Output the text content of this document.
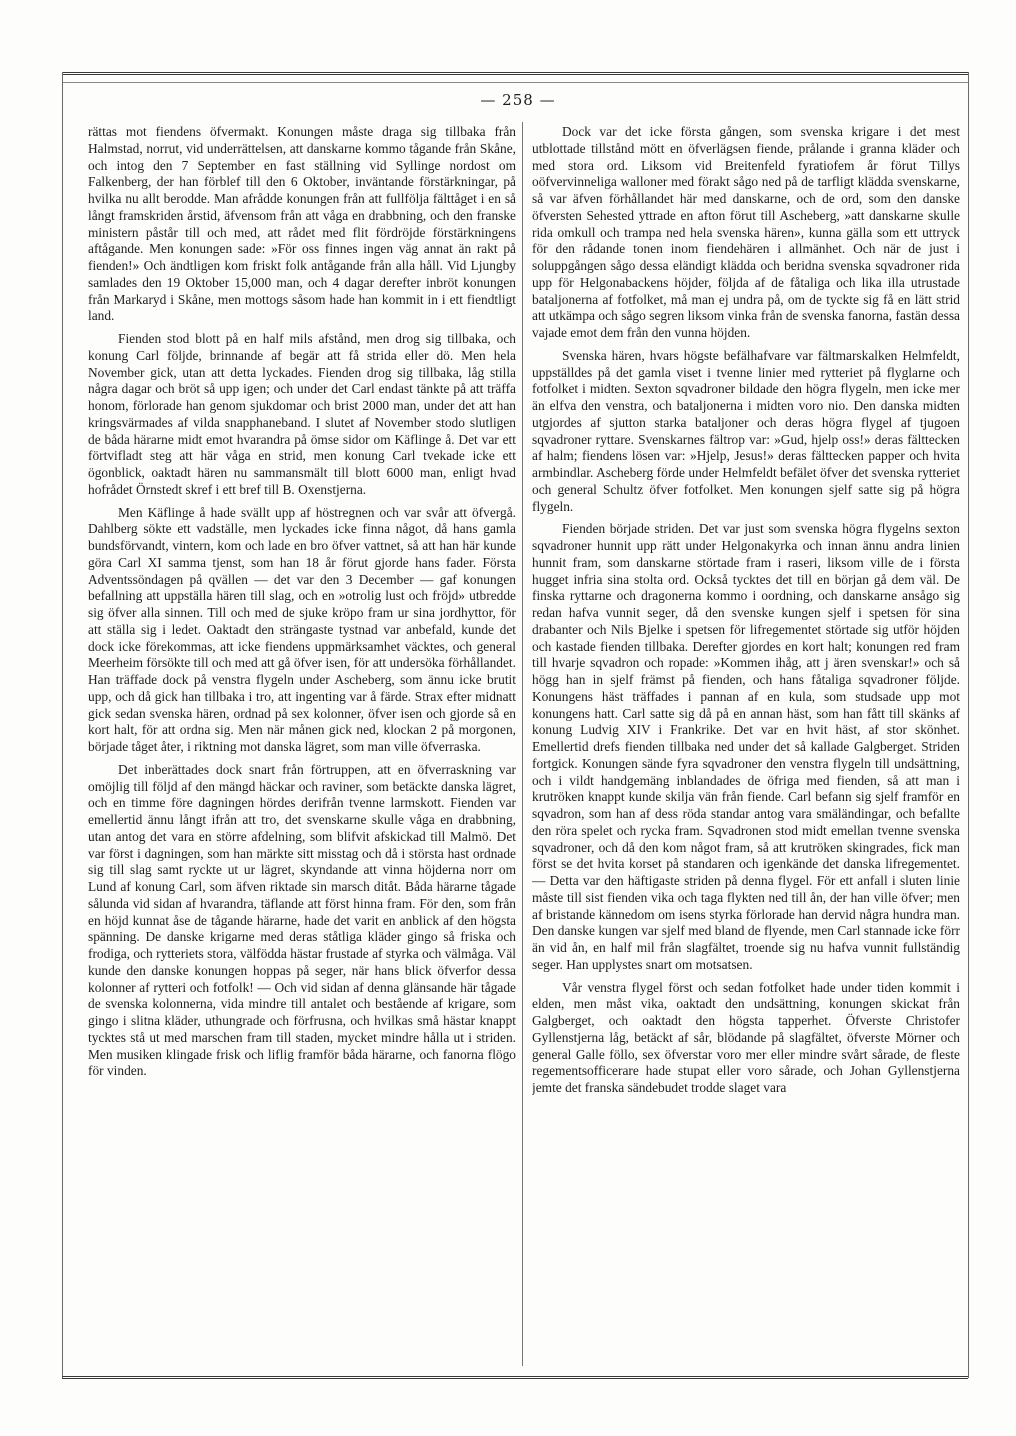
— 258 —

rättas mot fiendens öfvermakt. Konungen måste draga sig tillbaka från Halmstad, norrut, vid underrättelsen, att danskarne kommo tågande från Skåne, och intog den 7 September en fast ställning vid Syllinge nordost om Falkenberg, der han förblef till den 6 Oktober, inväntande förstärkningar, på hvilka nu allt berodde. Man afrådde konungen från att fullfölja fälttåget i en så långt framskriden årstid, äfvensom från att våga en drabbning, och den franske ministern påstår till och med, att rådet med flit fördröjde förstärkningens aftågande. Men konungen sade: »För oss finnes ingen väg annat än rakt på fienden!» Och ändtligen kom friskt folk antågande från alla håll. Vid Ljungby samlades den 19 Oktober 15,000 man, och 4 dagar derefter inbröt konungen från Markaryd i Skåne, men mottogs såsom hade han kommit in i ett fiendtligt land.

Fienden stod blott på en half mils afstånd, men drog sig tillbaka, och konung Carl följde, brinnande af begär att få strida eller dö. Men hela November gick, utan att detta lyckades. Fienden drog sig tillbaka, låg stilla några dagar och bröt så upp igen; och under det Carl endast tänkte på att träffa honom, förlorade han genom sjukdomar och brist 2000 man, under det att han kringsvärmades af vilda snapphaneband. I slutet af November stodo slutligen de båda härarne midt emot hvarandra på ömse sidor om Käflinge å. Det var ett förtvifladt steg att här våga en strid, men konung Carl tvekade icke ett ögonblick, oaktadt hären nu sammansmält till blott 6000 man, enligt hvad hofrådet Örnstedt skref i ett bref till B. Oxenstjerna.

Men Käflinge å hade svällt upp af höstregnen och var svår att öfvergå. Dahlberg sökte ett vadställe, men lyckades icke finna något, då hans gamla bundsförvandt, vintern, kom och lade en bro öfver vattnet, så att han här kunde göra Carl XI samma tjenst, som han 18 år förut gjorde hans fader. Första Adventssöndagen på qvällen — det var den 3 December — gaf konungen befallning att uppställa hären till slag, och en »otrolig lust och fröjd» utbredde sig öfver alla sinnen. Till och med de sjuke kröpo fram ur sina jordhyttor, för att ställa sig i ledet. Oaktadt den strängaste tystnad var anbefald, kunde det dock icke förekommas, att icke fiendens uppmärksamhet väcktes, och general Meerheim försökte till och med att gå öfver isen, för att undersöka förhållandet. Han träffade dock på venstra flygeln under Ascheberg, som ännu icke brutit upp, och då gick han tillbaka i tro, att ingenting var å färde. Strax efter midnatt gick sedan svenska hären, ordnad på sex kolonner, öfver isen och gjorde så en kort halt, för att ordna sig. Men när månen gick ned, klockan 2 på morgonen, började tåget åter, i riktning mot danska lägret, som man ville öfverraska.

Det inberättades dock snart från förtruppen, att en öfverraskning var omöjlig till följd af den mängd häckar och raviner, som betäckte danska lägret, och en timme före dagningen hördes derifrån tvenne larmskott. Fienden var emellertid ännu långt ifrån att tro, det svenskarne skulle våga en drabbning, utan antog det vara en större afdelning, som blifvit afskickad till Malmö. Det var först i dagningen, som han märkte sitt misstag och då i största hast ordnade sig till slag samt ryckte ut ur lägret, skyndande att vinna höjderna norr om Lund af konung Carl, som äfven riktade sin marsch ditåt. Båda härarne tågade sålunda vid sidan af hvarandra, täflande att först hinna fram. För den, som från en höjd kunnat åse de tågande härarne, hade det varit en anblick af den högsta spänning. De danske krigarne med deras ståtliga kläder gingo så friska och frodiga, och rytteriets stora, välfödda hästar frustade af styrka och välmåga. Väl kunde den danske konungen hoppas på seger, när hans blick öfverfor dessa kolonner af rytteri och fotfolk! — Och vid sidan af denna glänsande här tågade de svenska kolonnerna, vida mindre till antalet och bestående af krigare, som gingo i slitna kläder, uthungrade och förfrusna, och hvilkas små hästar knappt tycktes stå ut med marschen fram till staden, mycket mindre hålla ut i striden. Men musiken klingade frisk och liflig framför båda härarne, och fanorna flögo för vinden.

Dock var det icke första gången, som svenska krigare i det mest utblottade tillstånd mött en öfverlägsen fiende, prålande i granna kläder och med stora ord. Liksom vid Breitenfeld fyratiofem år förut Tillys oöfvervinneliga walloner med förakt sågo ned på de tarfligt klädda svenskarne, så var äfven förhållandet här med danskarne, och de ord, som den danske öfversten Sehested yttrade en afton förut till Ascheberg, »att danskarne skulle rida omkull och trampa ned hela svenska hären», kunna gälla som ett uttryck för den rådande tonen inom fiendehären i allmänhet. Och när de just i soluppgången sågo dessa eländigt klädda och beridna svenska sqvadroner rida upp för Helgonabackens höjder, följda af de fåtaliga och lika illa utrustade bataljonerna af fotfolket, må man ej undra på, om de tyckte sig få en lätt strid att utkämpa och sågo segren liksom vinka från de svenska fanorna, fastän dessa vajade emot dem från den vunna höjden.

Svenska hären, hvars högste befälhafvare var fältmarskalken Helmfeldt, uppställdes på det gamla viset i tvenne linier med rytteriet på flyglarne och fotfolket i midten. Sexton sqvadroner bildade den högra flygeln, men icke mer än elfva den venstra, och bataljonerna i midten voro nio. Den danska midten utgjordes af sjutton starka bataljoner och deras högra flygel af tjugoen sqvadroner ryttare. Svenskarnes fältrop var: »Gud, hjelp oss!» deras fälttecken af halm; fiendens lösen var: »Hjelp, Jesus!» deras fälttecken papper och hvita armbindlar. Ascheberg förde under Helmfeldt befälet öfver det svenska rytteriet och general Schultz öfver fotfolket. Men konungen sjelf satte sig på högra flygeln.

Fienden började striden. Det var just som svenska högra flygelns sexton sqvadroner hunnit upp rätt under Helgonakyrka och innan ännu andra linien hunnit fram, som danskarne störtade fram i raseri, liksom ville de i första hugget infria sina stolta ord. Också tycktes det till en början gå dem väl. De finska ryttarne och dragonerna kommo i oordning, och danskarne ansågo sig redan hafva vunnit seger, då den svenske kungen sjelf i spetsen för sina drabanter och Nils Bjelke i spetsen för lifregementet störtade sig utför höjden och kastade fienden tillbaka. Derefter gjordes en kort halt; konungen red fram till hvarje sqvadron och ropade: »Kommen ihåg, att j ären svenskar!» och så högg han in sjelf främst på fienden, och hans fåtaliga sqvadroner följde. Konungens häst träffades i pannan af en kula, som studsade upp mot konungens hatt. Carl satte sig då på en annan häst, som han fått till skänks af konung Ludvig XIV i Frankrike. Det var en hvit häst, af stor skönhet. Emellertid drefs fienden tillbaka ned under det så kallade Galgberget. Striden fortgick. Konungen sände fyra sqvadroner den venstra flygeln till undsättning, och i vildt handgemäng inblandades de öfriga med fienden, så att man i krutröken knappt kunde skilja vän från fiende. Carl befann sig sjelf framför en sqvadron, som han af dess röda standar antog vara smäländingar, och befallte den röra spelet och rycka fram. Sqvadronen stod midt emellan tvenne svenska sqvadroner, och då den kom något fram, så att krutröken skingrades, fick man först se det hvita korset på standaren och igenkände det danska lifregementet. — Detta var den häftigaste striden på denna flygel. För ett anfall i sluten linie måste till sist fienden vika och taga flykten ned till ån, der han ville öfver; men af bristande kännedom om isens styrka förlorade han dervid några hundra man. Den danske kungen var sjelf med bland de flyende, men Carl stannade icke förr än vid ån, en half mil från slagfältet, troende sig nu hafva vunnit fullständig seger. Han upplystes snart om motsatsen.

Vår venstra flygel först och sedan fotfolket hade under tiden kommit i elden, men måst vika, oaktadt den undsättning, konungen skickat från Galgberget, och oaktadt den högsta tapperhet. Öfverste Christofer Gyllenstjerna låg, betäckt af sår, blödande på slagfältet, öfverste Mörner och general Galle föllo, sex öfverstar voro mer eller mindre svårt sårade, de fleste regementsofficerare hade stupat eller voro sårade, och Johan Gyllenstjerna jemte det franska sändebudet trodde slaget vara
